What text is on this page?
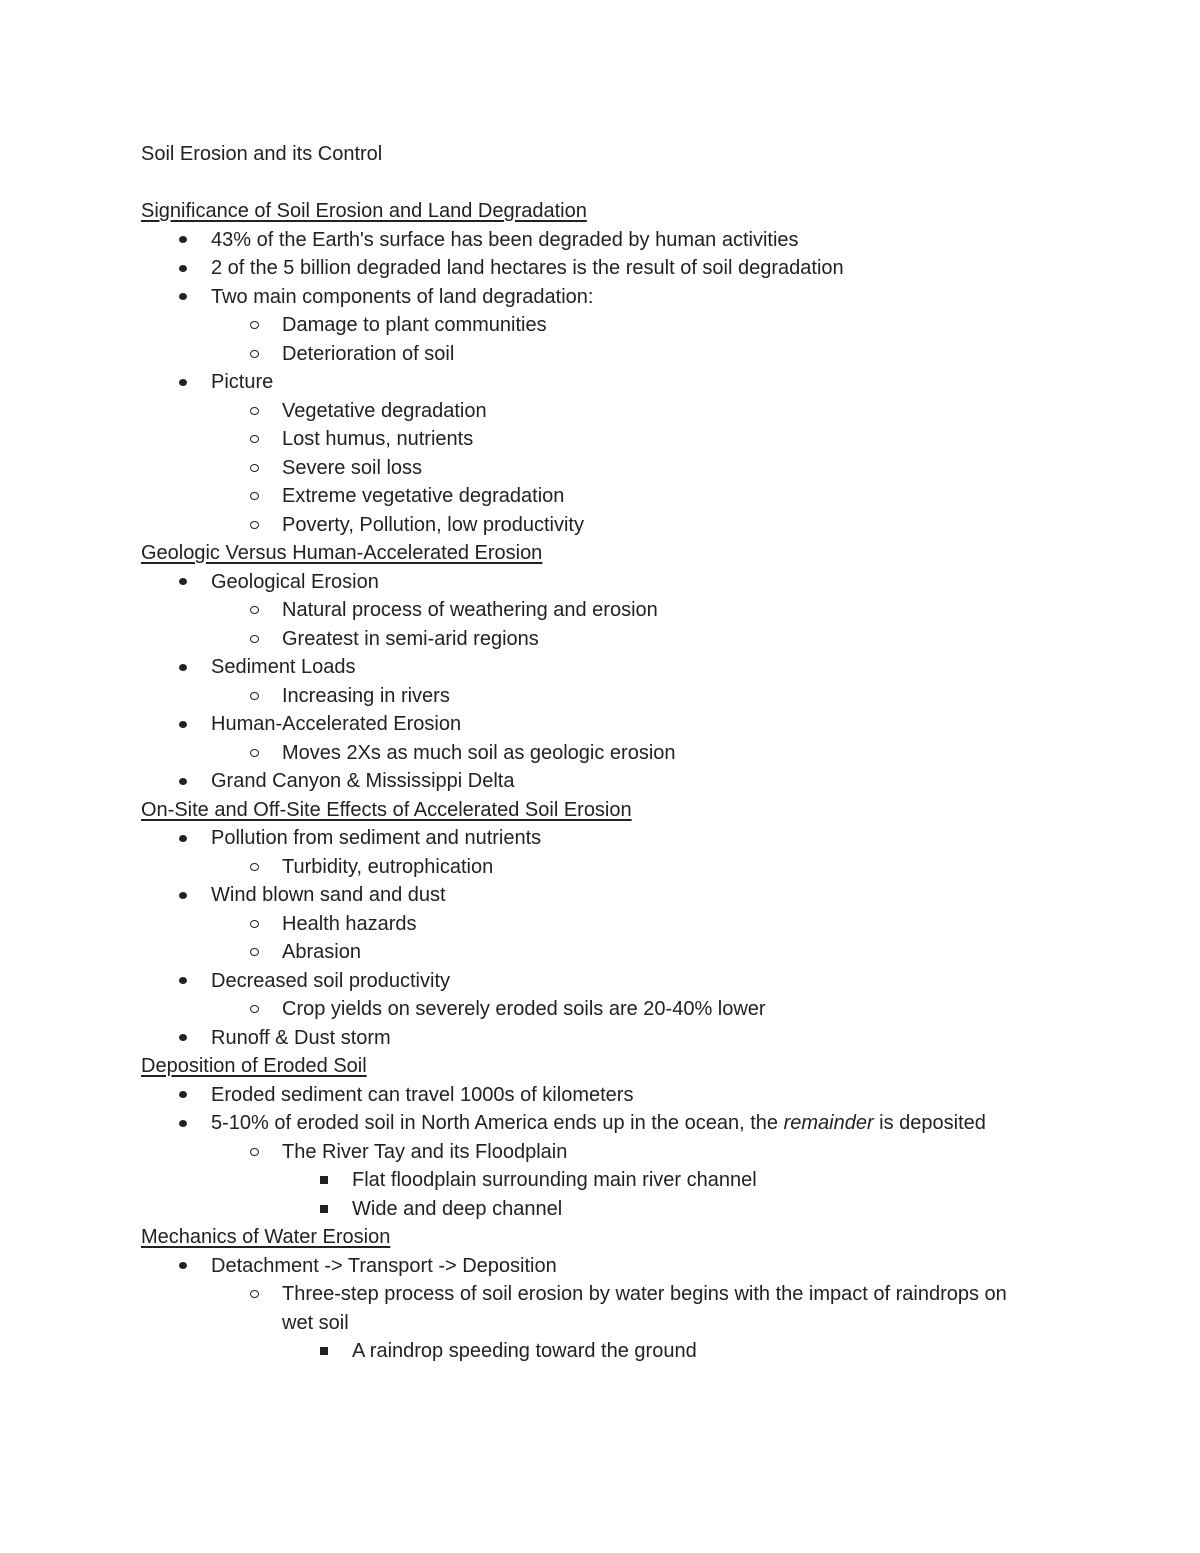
Soil Erosion and its Control
Significance of Soil Erosion and Land Degradation
43% of the Earth's surface has been degraded by human activities
2 of the 5 billion degraded land hectares is the result of soil degradation
Two main components of land degradation:
Damage to plant communities
Deterioration of soil
Picture
Vegetative degradation
Lost humus, nutrients
Severe soil loss
Extreme vegetative degradation
Poverty, Pollution, low productivity
Geologic Versus Human-Accelerated Erosion
Geological Erosion
Natural process of weathering and erosion
Greatest in semi-arid regions
Sediment Loads
Increasing in rivers
Human-Accelerated Erosion
Moves 2Xs as much soil as geologic erosion
Grand Canyon & Mississippi Delta
On-Site and Off-Site Effects of Accelerated Soil Erosion
Pollution from sediment and nutrients
Turbidity, eutrophication
Wind blown sand and dust
Health hazards
Abrasion
Decreased soil productivity
Crop yields on severely eroded soils are 20-40% lower
Runoff & Dust storm
Deposition of Eroded Soil
Eroded sediment can travel 1000s of kilometers
5-10% of eroded soil in North America ends up in the ocean, the remainder is deposited
The River Tay and its Floodplain
Flat floodplain surrounding main river channel
Wide and deep channel
Mechanics of Water Erosion
Detachment -> Transport -> Deposition
Three-step process of soil erosion by water begins with the impact of raindrops on wet soil
A raindrop speeding toward the ground
